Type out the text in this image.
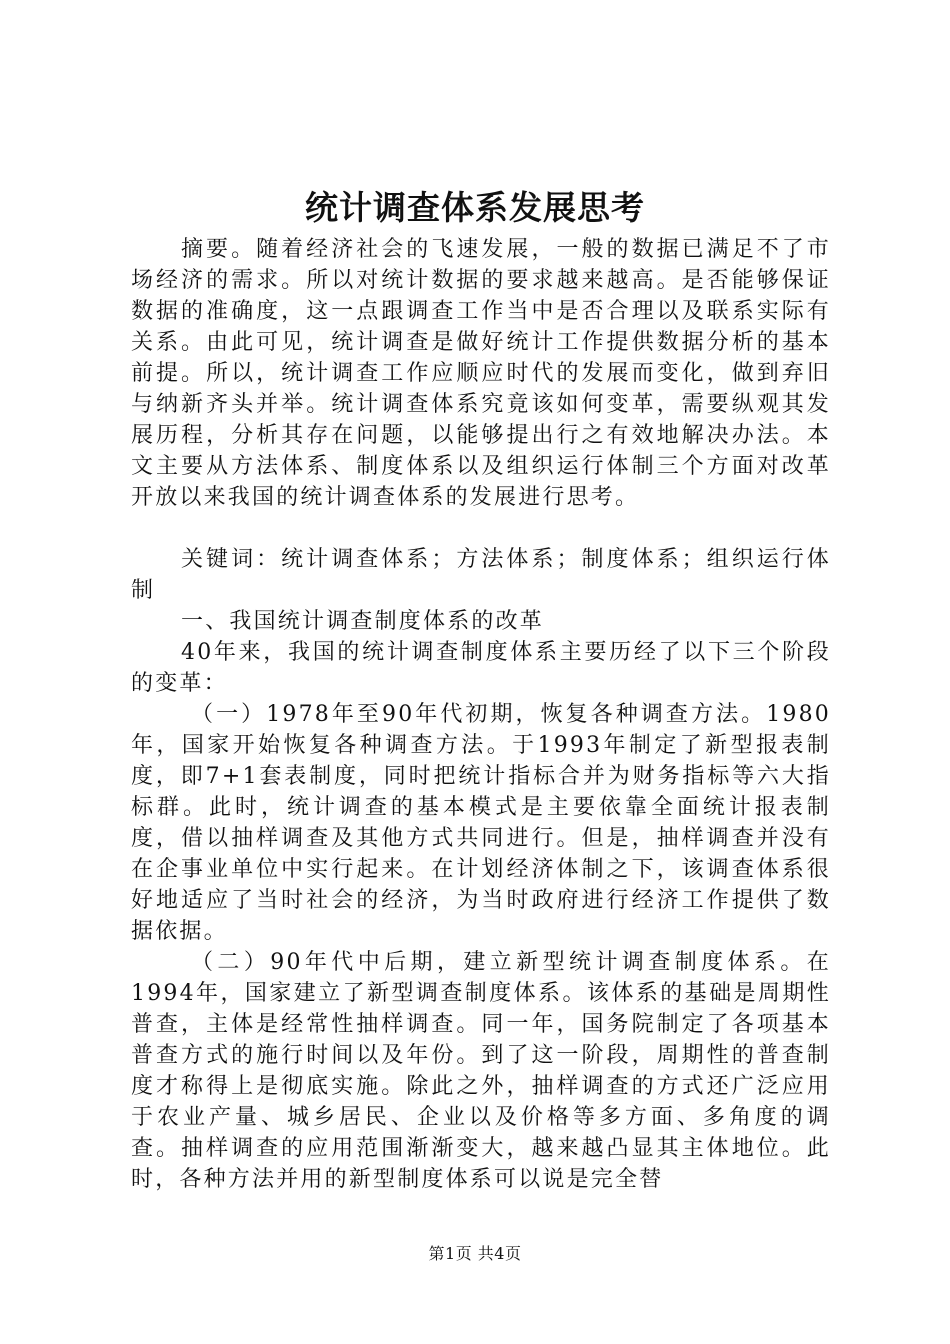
统计调查体系发展思考

摘要。随着经济社会的飞速发展，一般的数据已满足不了市场经济的需求。所以对统计数据的要求越来越高。是否能够保证数据的准确度，这一点跟调查工作当中是否合理以及联系实际有关系。由此可见，统计调查是做好统计工作提供数据分析的基本前提。所以，统计调查工作应顺应时代的发展而变化，做到弃旧与纳新齐头并举。统计调查体系究竟该如何变革，需要纵观其发展历程，分析其存在问题，以能够提出行之有效地解决办法。本文主要从方法体系、制度体系以及组织运行体制三个方面对改革开放以来我国的统计调查体系的发展进行思考。

关键词：统计调查体系；方法体系；制度体系；组织运行体制

一、我国统计调查制度体系的改革

40年来，我国的统计调查制度体系主要历经了以下三个阶段的变革：

（一）1978年至90年代初期，恢复各种调查方法。1980年，国家开始恢复各种调查方法。于1993年制定了新型报表制度，即7+1套表制度，同时把统计指标合并为财务指标等六大指标群。此时，统计调查的基本模式是主要依靠全面统计报表制度，借以抽样调查及其他方式共同进行。但是，抽样调查并没有在企事业单位中实行起来。在计划经济体制之下，该调查体系很好地适应了当时社会的经济，为当时政府进行经济工作提供了数据依据。

（二）90年代中后期，建立新型统计调查制度体系。在1994年，国家建立了新型调查制度体系。该体系的基础是周期性普查，主体是经常性抽样调查。同一年，国务院制定了各项基本普查方式的施行时间以及年份。到了这一阶段，周期性的普查制度才称得上是彻底实施。除此之外，抽样调查的方式还广泛应用于农业产量、城乡居民、企业以及价格等多方面、多角度的调查。抽样调查的应用范围渐渐变大，越来越凸显其主体地位。此时，各种方法并用的新型制度体系可以说是完全替

第1页 共4页
